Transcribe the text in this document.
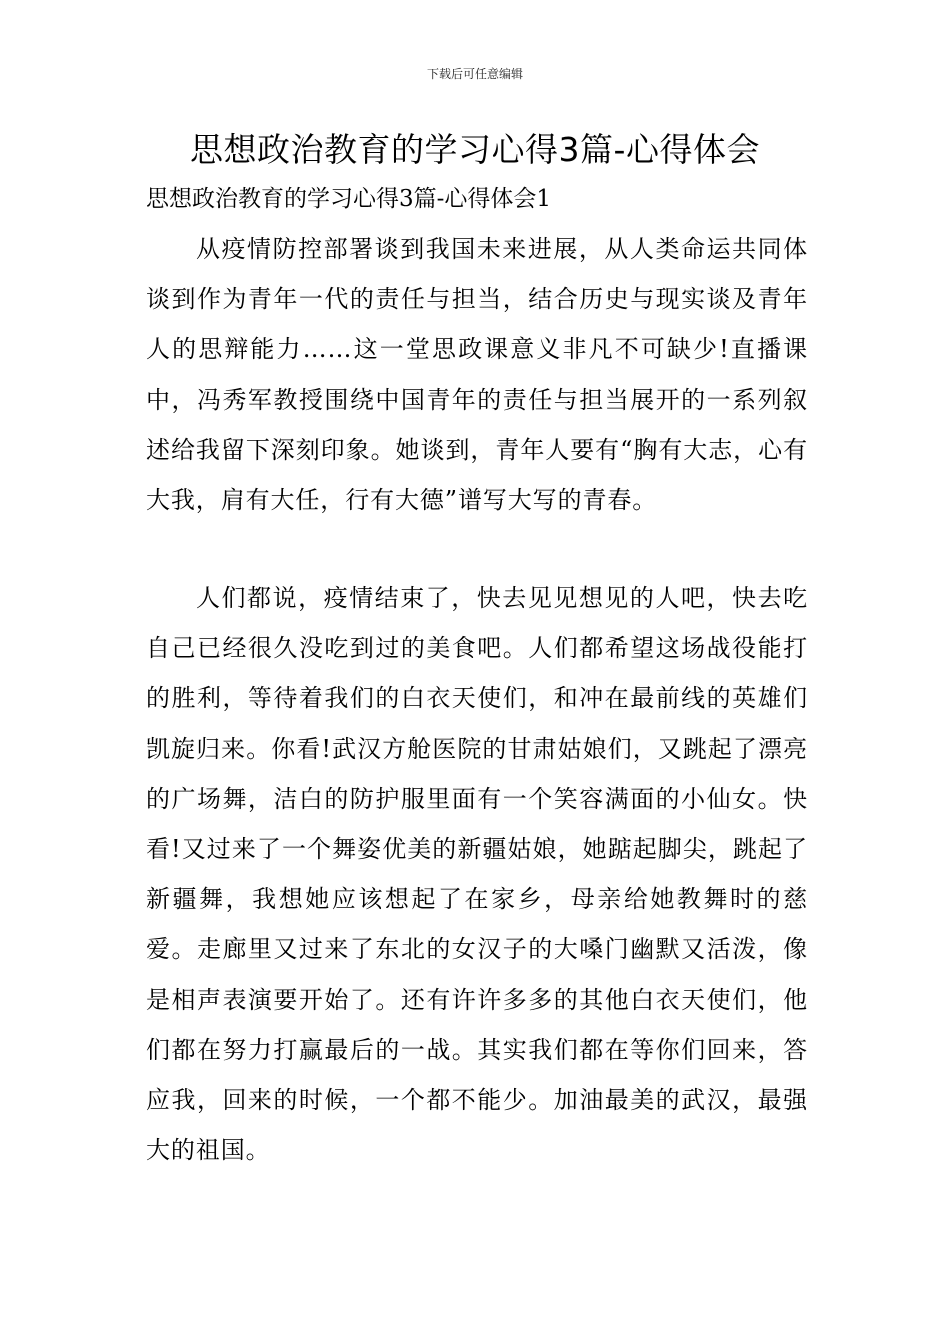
下载后可任意编辑
思想政治教育的学习心得3篇-心得体会
思想政治教育的学习心得3篇-心得体会1

从疫情防控部署谈到我国未来进展，从人类命运共同体谈到作为青年一代的责任与担当，结合历史与现实谈及青年人的思辩能力……这一堂思政课意义非凡不可缺少!直播课中，冯秀军教授围绕中国青年的责任与担当展开的一系列叙述给我留下深刻印象。她谈到，青年人要有“胸有大志，心有大我，肩有大任，行有大德”谱写大写的青春。

人们都说，疫情结束了，快去见见想见的人吧，快去吃自己已经很久没吃到过的美食吧。人们都希望这场战役能打的胜利，等待着我们的白衣天使们，和冲在最前线的英雄们凯旋归来。你看!武汉方舱医院的甘肃姑娘们，又跳起了漂亮的广场舞，洁白的防护服里面有一个笑容满面的小仙女。快看!又过来了一个舞姿优美的新疆姑娘，她踮起脚尖，跳起了新疆舞，我想她应该想起了在家乡，母亲给她教舞时的慈爱。走廊里又过来了东北的女汉子的大嗓门幽默又活泼，像是相声表演要开始了。还有许许多多的其他白衣天使们，他们都在努力打赢最后的一战。其实我们都在等你们回来，答应我，回来的时候，一个都不能少。加油最美的武汉，最强大的祖国。
